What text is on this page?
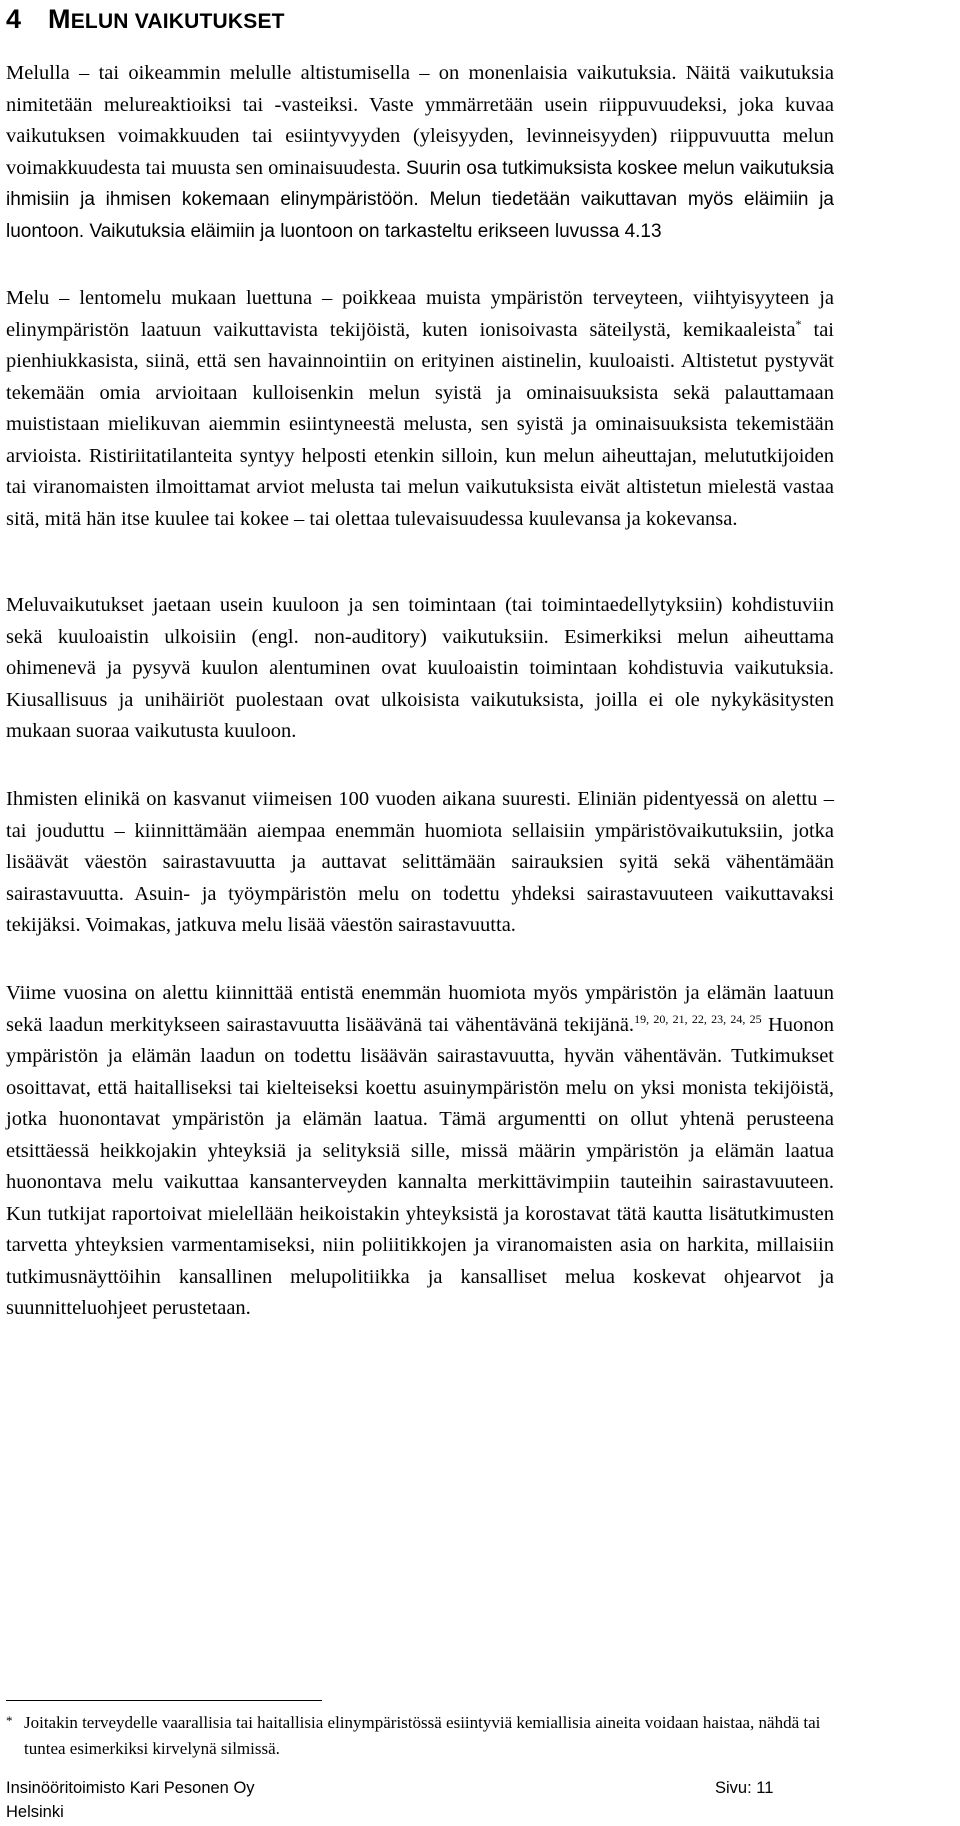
4 MELUN VAIKUTUKSET

Melulla – tai oikeammin melulle altistumisella – on monenlaisia vaikutuksia. Näitä vaikutuksia nimitetään melureaktioiksi tai -vasteiksi. Vaste ymmärretään usein riippuvuudeksi, joka kuvaa vaikutuksen voimakkuuden tai esiintyvyyden (yleisyyden, levinneisyyden) riippuvuutta melun voimakkuudesta tai muusta sen ominaisuudesta. Suurin osa tutkimuksista koskee melun vaikutuksia ihmisiin ja ihmisen kokemaan elinympäristöön. Melun tiedetään vaikuttavan myös eläimiin ja luontoon. Vaikutuksia eläimiin ja luontoon on tarkasteltu erikseen luvussa 4.13

Melu – lentomelu mukaan luettuna – poikkeaa muista ympäristön terveyteen, viihtyisyyteen ja elinympäristön laatuun vaikuttavista tekijöistä, kuten ionisoivasta säteilystä, kemikaaleista* tai pienhiukkasista, siinä, että sen havainnointiin on erityinen aistinelin, kuuloaisti. Altistetut pystyvät tekemään omia arvioitaan kulloisenkin melun syistä ja ominaisuuksista sekä palauttamaan muististaan mielikuvan aiemmin esiintyneestä melusta, sen syistä ja ominaisuuksista tekemistään arvioista. Ristiriitatilanteita syntyy helposti etenkin silloin, kun melun aiheuttajan, melututkijoiden tai viranomaisten ilmoittamat arviot melusta tai melun vaikutuksista eivät altistetun mielestä vastaa sitä, mitä hän itse kuulee tai kokee – tai olettaa tulevaisuudessa kuulevansa ja kokevansa.

Meluvaikutukset jaetaan usein kuuloon ja sen toimintaan (tai toimintaedellytyksiin) kohdistuviin sekä kuuloaistin ulkoisiin (engl. non-auditory) vaikutuksiin. Esimerkiksi melun aiheuttama ohimenevä ja pysyvä kuulon alentuminen ovat kuuloaistin toimintaan kohdistuvia vaikutuksia. Kiusallisuus ja unihäiriöt puolestaan ovat ulkoisista vaikutuksista, joilla ei ole nykykäsitysten mukaan suoraa vaikutusta kuuloon.

Ihmisten elinikä on kasvanut viimeisen 100 vuoden aikana suuresti. Eliniän pidentyessä on alettu – tai jouduttu – kiinnittämään aiempaa enemmän huomiota sellaisiin ympäristövaikutuksiin, jotka lisäävät väestön sairastavuutta ja auttavat selittämään sairauksien syitä sekä vähentämään sairastavuutta. Asuin- ja työympäristön melu on todettu yhdeksi sairastavuuteen vaikuttavaksi tekijäksi. Voimakas, jatkuva melu lisää väestön sairastavuutta.

Viime vuosina on alettu kiinnittää entistä enemmän huomiota myös ympäristön ja elämän laatuun sekä laadun merkitykseen sairastavuutta lisäävänä tai vähentävänä tekijänä.$^{19, 20, 21, 22, 23, 24, 25}$ Huonon ympäristön ja elämän laadun on todettu lisäävän sairastavuutta, hyvän vähentävän. Tutkimukset osoittavat, että haitalliseksi tai kielteiseksi koettu asuinympäristön melu on yksi monista tekijöistä, jotka huonontavat ympäristön ja elämän laatua. Tämä argumentti on ollut yhtenä perusteena etsittäessä heikkojakin yhteyksiä ja selityksiä sille, missä määrin ympäristön ja elämän laatua huonontava melu vaikuttaa kansanterveyden kannalta merkittävimpiin tauteihin sairastavuuteen. Kun tutkijat raportoivat mielellään heikoistakin yhteyksistä ja korostavat tätä kautta lisätutkimusten tarvetta yhteyksien varmentamiseksi, niin poliitikkojen ja viranomaisten asia on harkita, millaisiin tutkimusnäyttöihin kansallinen melupolitiikka ja kansalliset melua koskevat ohjearvot ja suunnitteluohjeet perustetaan.

* Joitakin terveydelle vaarallisia tai haitallisia elinympäristössä esiintyviä kemiallisia aineita voidaan haistaa, nähdä tai tuntea esimerkiksi kirvelynä silmissä.

Insinööritoimisto Kari Pesonen Oy
Helsinki
Sivu: 11
